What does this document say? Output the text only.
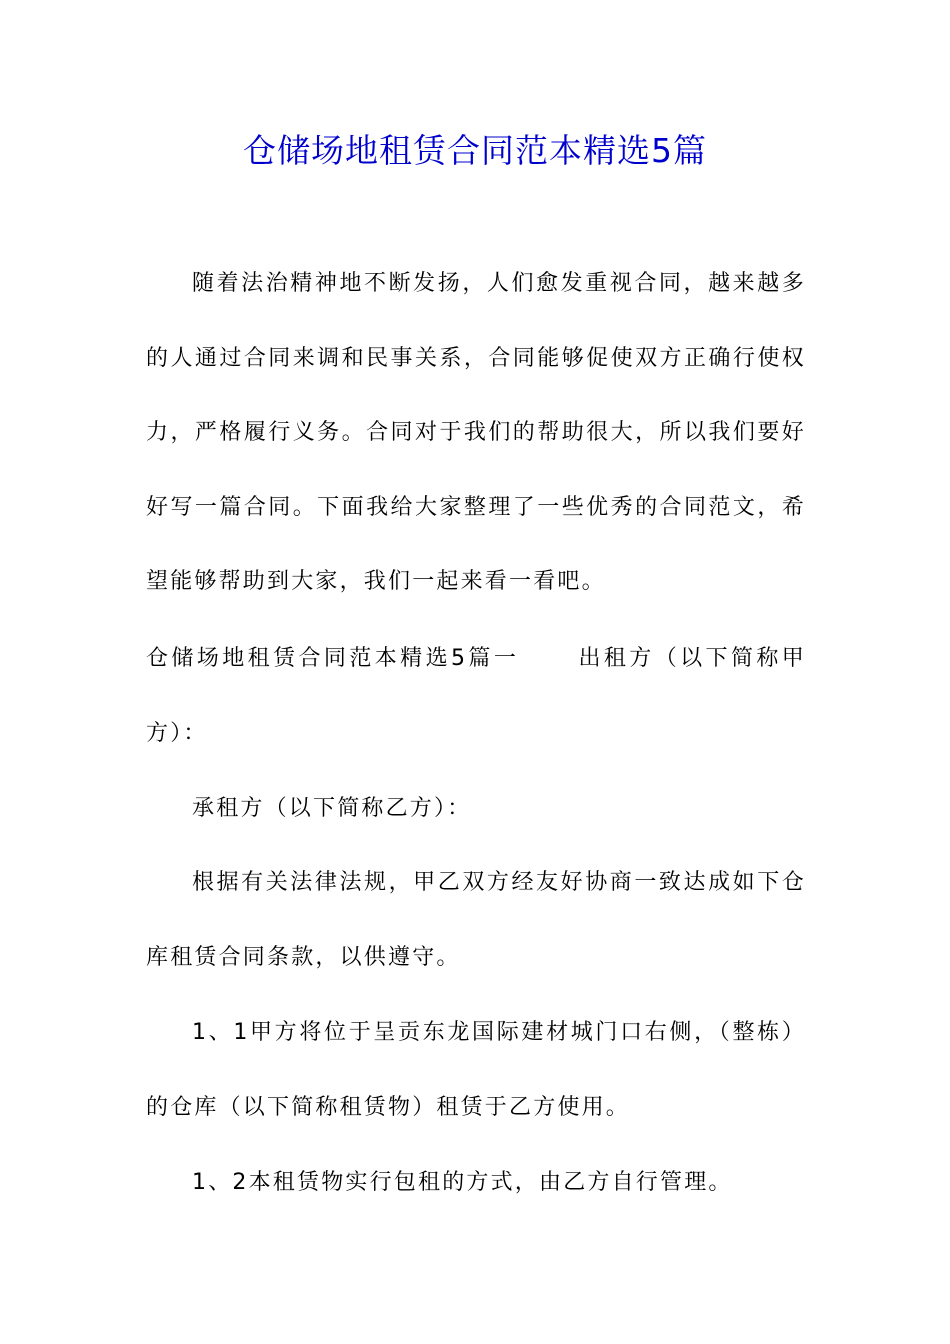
仓储场地租赁合同范本精选5篇

随着法治精神地不断发扬，人们愈发重视合同，越来越多的人通过合同来调和民事关系，合同能够促使双方正确行使权力，严格履行义务。合同对于我们的帮助很大，所以我们要好好写一篇合同。下面我给大家整理了一些优秀的合同范文，希望能够帮助到大家，我们一起来看一看吧。

仓储场地租赁合同范本精选5篇一	出租方（以下简称甲方）：

承租方（以下简称乙方）：

根据有关法律法规，甲乙双方经友好协商一致达成如下仓库租赁合同条款，以供遵守。

1、1甲方将位于呈贡东龙国际建材城门口右侧，（整栋）的仓库（以下简称租赁物）租赁于乙方使用。

1、2本租赁物实行包租的方式，由乙方自行管理。
